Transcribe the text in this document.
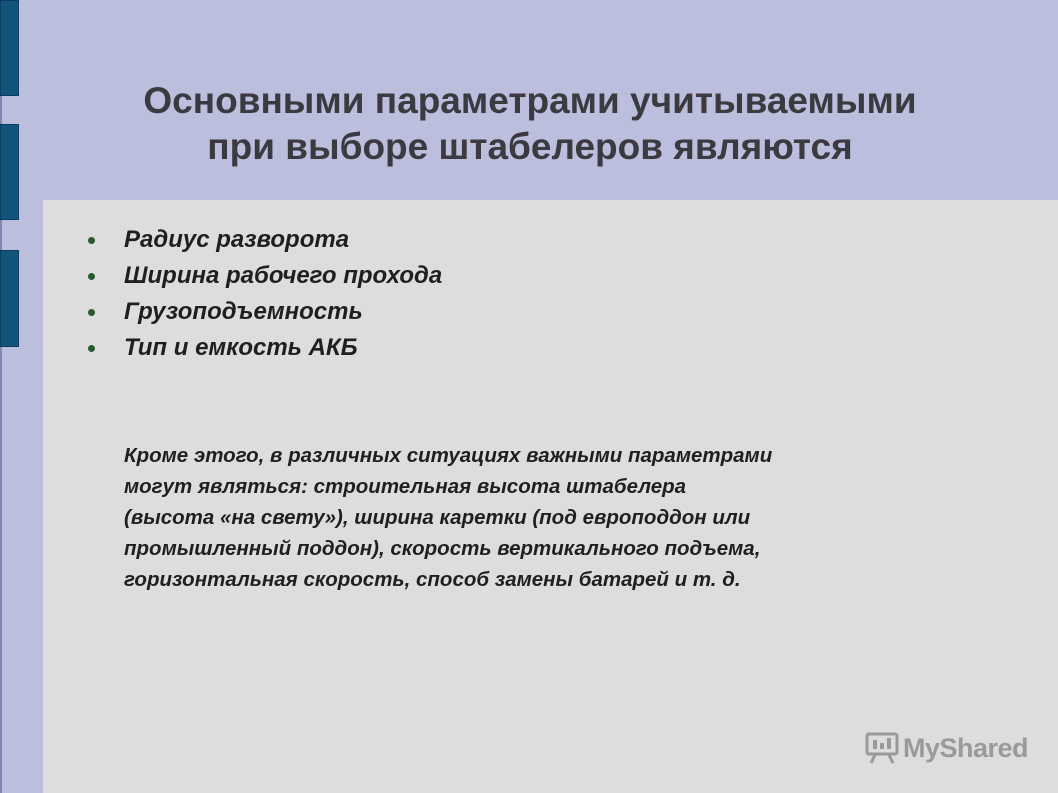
Основными параметрами учитываемыми
при выборе штабелеров являются
Радиус разворота
Ширина рабочего прохода
Грузоподъемность
Тип и емкость АКБ
Кроме этого, в различных ситуациях важными параметрами
могут являться: строительная высота штабелера
(высота «на свету»), ширина каретки (под европоддон или
промышленный поддон), скорость вертикального подъема,
горизонтальная скорость, способ замены батарей и т. д.
MyShared
